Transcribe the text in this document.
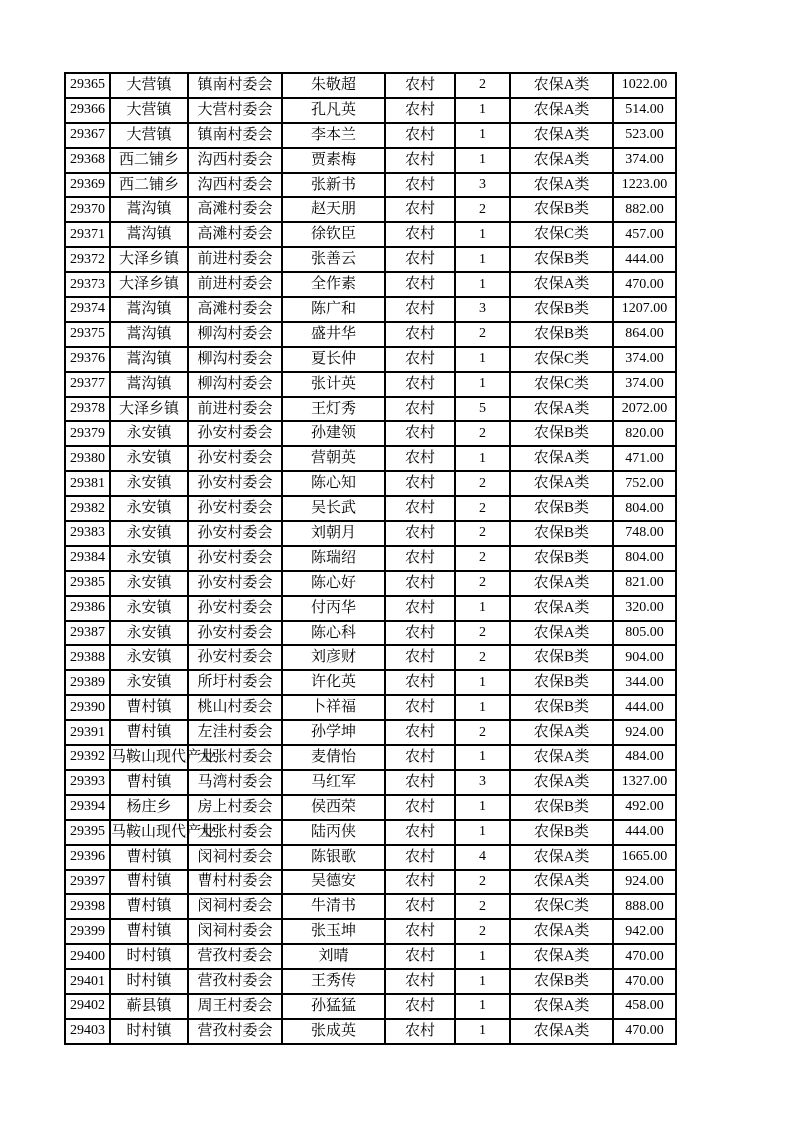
29365	大营镇	镇南村委会	朱敬超	农村	2	农保A类	1022.00
29366	大营镇	大营村委会	孔凡英	农村	1	农保A类	514.00
29367	大营镇	镇南村委会	李本兰	农村	1	农保A类	523.00
29368	西二铺乡	沟西村委会	贾素梅	农村	1	农保A类	374.00
29369	西二铺乡	沟西村委会	张新书	农村	3	农保A类	1223.00
29370	蒿沟镇	高滩村委会	赵天朋	农村	2	农保B类	882.00
29371	蒿沟镇	高滩村委会	徐钦臣	农村	1	农保C类	457.00
29372	大泽乡镇	前进村委会	张善云	农村	1	农保B类	444.00
29373	大泽乡镇	前进村委会	全作素	农村	1	农保A类	470.00
29374	蒿沟镇	高滩村委会	陈广和	农村	3	农保B类	1207.00
29375	蒿沟镇	柳沟村委会	盛井华	农村	2	农保B类	864.00
29376	蒿沟镇	柳沟村委会	夏长仲	农村	1	农保C类	374.00
29377	蒿沟镇	柳沟村委会	张计英	农村	1	农保C类	374.00
29378	大泽乡镇	前进村委会	王灯秀	农村	5	农保A类	2072.00
29379	永安镇	孙安村委会	孙建领	农村	2	农保B类	820.00
29380	永安镇	孙安村委会	营朝英	农村	1	农保A类	471.00
29381	永安镇	孙安村委会	陈心知	农村	2	农保A类	752.00
29382	永安镇	孙安村委会	吴长武	农村	2	农保B类	804.00
29383	永安镇	孙安村委会	刘朝月	农村	2	农保B类	748.00
29384	永安镇	孙安村委会	陈瑞绍	农村	2	农保B类	804.00
29385	永安镇	孙安村委会	陈心好	农村	2	农保A类	821.00
29386	永安镇	孙安村委会	付丙华	农村	1	农保A类	320.00
29387	永安镇	孙安村委会	陈心科	农村	2	农保A类	805.00
29388	永安镇	孙安村委会	刘彦财	农村	2	农保B类	904.00
29389	永安镇	所圩村委会	许化英	农村	1	农保B类	344.00
29390	曹村镇	桃山村委会	卜祥福	农村	1	农保B类	444.00
29391	曹村镇	左洼村委会	孙学坤	农村	2	农保A类	924.00
29392	马鞍山现代产业	大张村委会	麦倩怡	农村	1	农保A类	484.00
29393	曹村镇	马湾村委会	马红军	农村	3	农保A类	1327.00
29394	杨庄乡	房上村委会	侯西荣	农村	1	农保B类	492.00
29395	马鞍山现代产业	大张村委会	陆丙侠	农村	1	农保B类	444.00
29396	曹村镇	闵祠村委会	陈银歌	农村	4	农保A类	1665.00
29397	曹村镇	曹村村委会	吴德安	农村	2	农保A类	924.00
29398	曹村镇	闵祠村委会	牛清书	农村	2	农保C类	888.00
29399	曹村镇	闵祠村委会	张玉坤	农村	2	农保A类	942.00
29400	时村镇	营孜村委会	刘晴	农村	1	农保A类	470.00
29401	时村镇	营孜村委会	王秀传	农村	1	农保B类	470.00
29402	蕲县镇	周王村委会	孙猛猛	农村	1	农保A类	458.00
29403	时村镇	营孜村委会	张成英	农村	1	农保A类	470.00
